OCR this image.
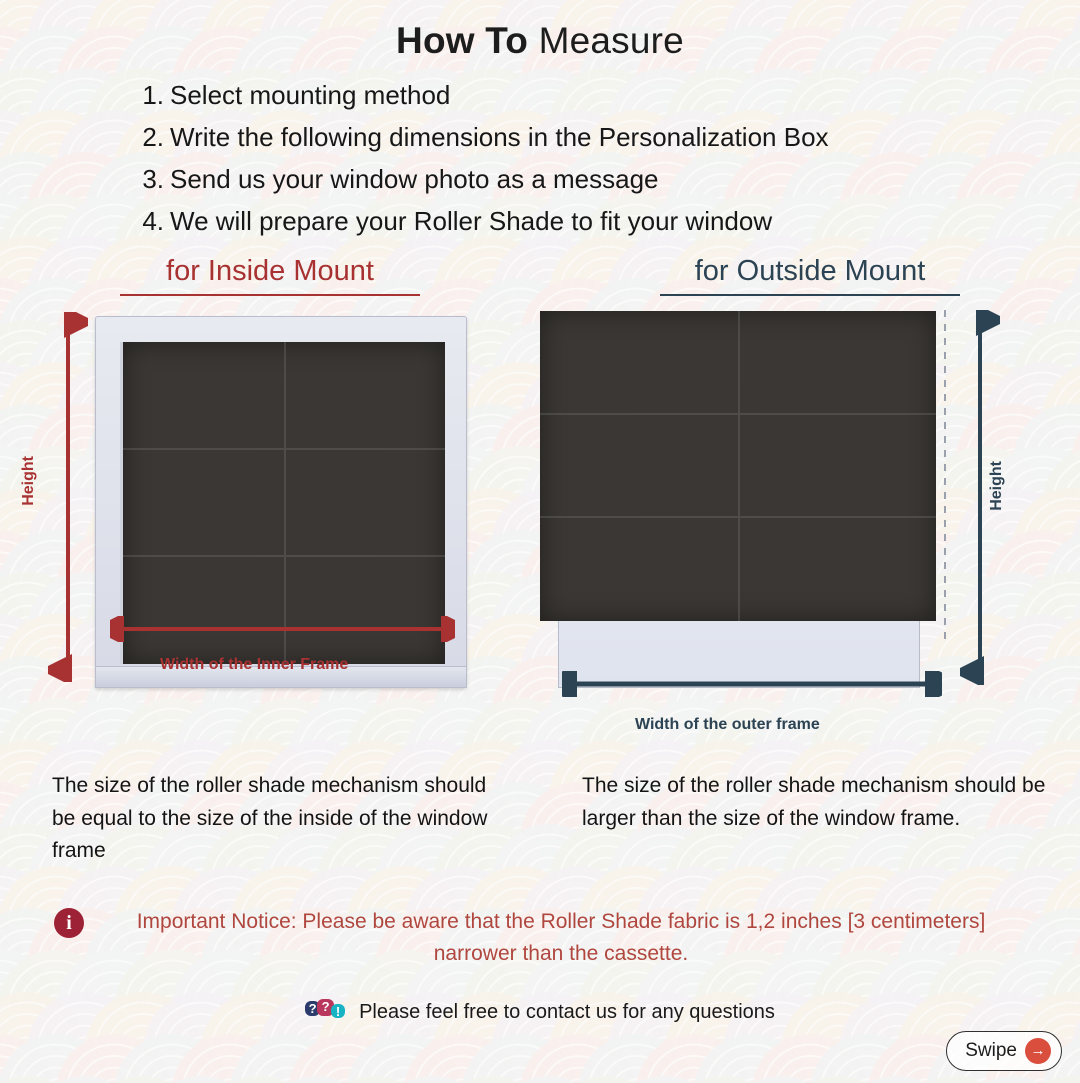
How To Measure
1. Select mounting method
2. Write the following dimensions in the Personalization Box
3. Send us your window photo as a message
4. We will prepare your Roller Shade to fit your window
for Inside Mount
Height
Width of the Inner Frame
The size of the roller shade mechanism should be equal to the size of the inside of the window frame
for Outside Mount
Height
Width of the outer frame
The size of the roller shade mechanism should be larger than the size of the window frame.
i	Important Notice: Please be aware that the Roller Shade fabric is 1,2 inches [3 centimeters] narrower than the cassette.
? ? ! Please feel free to contact us for any questions
Swipe →
